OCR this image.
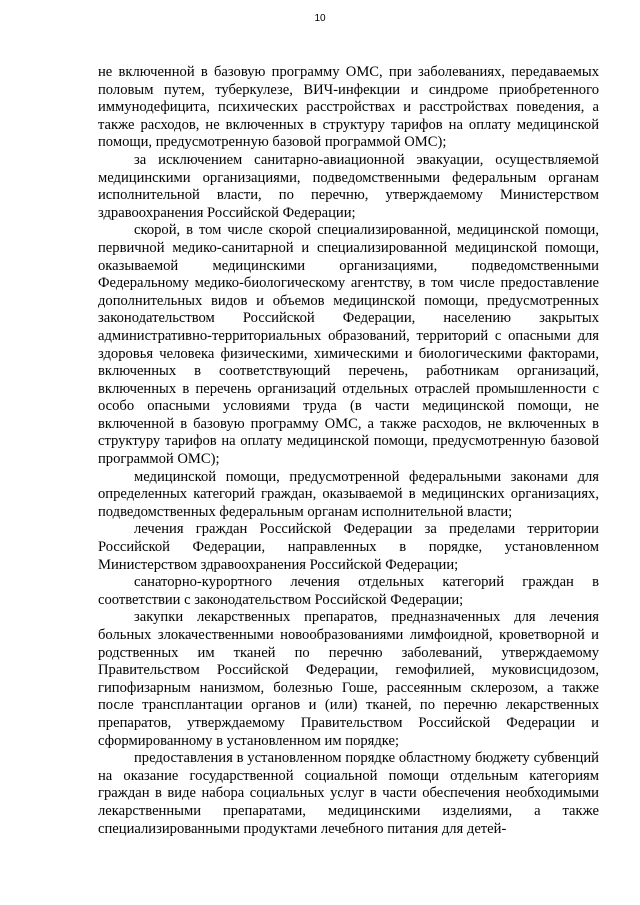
10

не включенной в базовую программу ОМС, при заболеваниях, передаваемых половым путем, туберкулезе, ВИЧ-инфекции и синдроме приобретенного иммунодефицита, психических расстройствах и расстройствах поведения, а также расходов, не включенных в структуру тарифов на оплату медицинской помощи, предусмотренную базовой программой ОМС);

за исключением санитарно-авиационной эвакуации, осуществляемой медицинскими организациями, подведомственными федеральным органам исполнительной власти, по перечню, утверждаемому Министерством здравоохранения Российской Федерации;

скорой, в том числе скорой специализированной, медицинской помощи, первичной медико-санитарной и специализированной медицинской помощи, оказываемой медицинскими организациями, подведомственными Федеральному медико-биологическому агентству, в том числе предоставление дополнительных видов и объемов медицинской помощи, предусмотренных законодательством Российской Федерации, населению закрытых административно-территориальных образований, территорий с опасными для здоровья человека физическими, химическими и биологическими факторами, включенных в соответствующий перечень, работникам организаций, включенных в перечень организаций отдельных отраслей промышленности с особо опасными условиями труда (в части медицинской помощи, не включенной в базовую программу ОМС, а также расходов, не включенных в структуру тарифов на оплату медицинской помощи, предусмотренную базовой программой ОМС);

медицинской помощи, предусмотренной федеральными законами для определенных категорий граждан, оказываемой в медицинских организациях, подведомственных федеральным органам исполнительной власти;

лечения граждан Российской Федерации за пределами территории Российской Федерации, направленных в порядке, установленном Министерством здравоохранения Российской Федерации;

санаторно-курортного лечения отдельных категорий граждан в соответствии с законодательством Российской Федерации;

закупки лекарственных препаратов, предназначенных для лечения больных злокачественными новообразованиями лимфоидной, кроветворной и родственных им тканей по перечню заболеваний, утверждаемому Правительством Российской Федерации, гемофилией, муковисцидозом, гипофизарным нанизмом, болезнью Гоше, рассеянным склерозом, а также после трансплантации органов и (или) тканей, по перечню лекарственных препаратов, утверждаемому Правительством Российской Федерации и сформированному в установленном им порядке;

предоставления в установленном порядке областному бюджету субвенций на оказание государственной социальной помощи отдельным категориям граждан в виде набора социальных услуг в части обеспечения необходимыми лекарственными препаратами, медицинскими изделиями, а также специализированными продуктами лечебного питания для детей-
